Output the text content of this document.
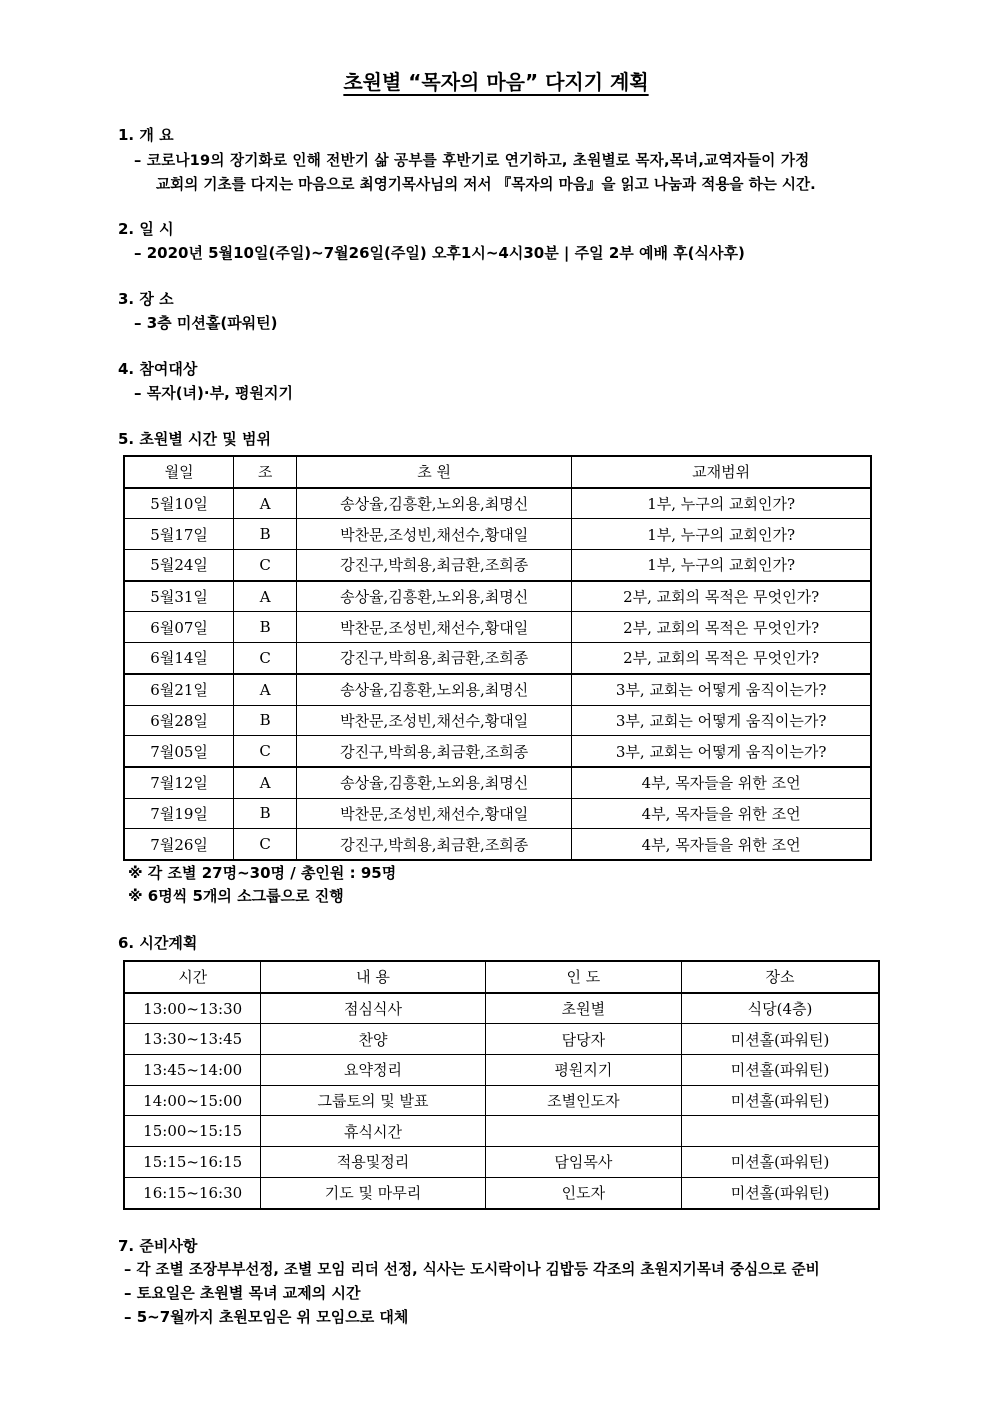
초원별 “목자의 마음” 다지기 계획
1. 개 요
– 코로나19의 장기화로 인해 전반기 삶 공부를 후반기로 연기하고, 초원별로 목자,목녀,교역자들이 가정
교회의 기초를 다지는 마음으로 최영기목사님의 저서 『목자의 마음』을 읽고 나눔과 적용을 하는 시간.
2. 일 시
– 2020년 5월10일(주일)~7월26일(주일) 오후1시~4시30분 | 주일 2부 예배 후(식사후)
3. 장 소
– 3층 미션홀(파워틴)
4. 참여대상
– 목자(녀)·부, 평원지기
5. 초원별 시간 및 범위
월일	조	초 원	교재범위
5월10일	A	송상율,김흥환,노외용,최명신	1부, 누구의 교회인가?
5월17일	B	박찬문,조성빈,채선수,황대일	1부, 누구의 교회인가?
5월24일	C	강진구,박희용,최금환,조희종	1부, 누구의 교회인가?
5월31일	A	송상율,김흥환,노외용,최명신	2부, 교회의 목적은 무엇인가?
6월07일	B	박찬문,조성빈,채선수,황대일	2부, 교회의 목적은 무엇인가?
6월14일	C	강진구,박희용,최금환,조희종	2부, 교회의 목적은 무엇인가?
6월21일	A	송상율,김흥환,노외용,최명신	3부, 교회는 어떻게 움직이는가?
6월28일	B	박찬문,조성빈,채선수,황대일	3부, 교회는 어떻게 움직이는가?
7월05일	C	강진구,박희용,최금환,조희종	3부, 교회는 어떻게 움직이는가?
7월12일	A	송상율,김흥환,노외용,최명신	4부, 목자들을 위한 조언
7월19일	B	박찬문,조성빈,채선수,황대일	4부, 목자들을 위한 조언
7월26일	C	강진구,박희용,최금환,조희종	4부, 목자들을 위한 조언
※ 각 조별 27명~30명 / 총인원 : 95명
※ 6명씩 5개의 소그룹으로 진행
6. 시간계획
시간	내 용	인 도	장소
13:00~13:30	점심식사	초원별	식당(4층)
13:30~13:45	찬양	담당자	미션홀(파워틴)
13:45~14:00	요약정리	평원지기	미션홀(파워틴)
14:00~15:00	그룹토의 및 발표	조별인도자	미션홀(파워틴)
15:00~15:15	휴식시간		
15:15~16:15	적용및정리	담임목사	미션홀(파워틴)
16:15~16:30	기도 및 마무리	인도자	미션홀(파워틴)
7. 준비사항
– 각 조별 조장부부선정, 조별 모임 리더 선정, 식사는 도시락이나 김밥등 각조의 초원지기목녀 중심으로 준비
– 토요일은 초원별 목녀 교제의 시간
– 5~7월까지 초원모임은 위 모임으로 대체
